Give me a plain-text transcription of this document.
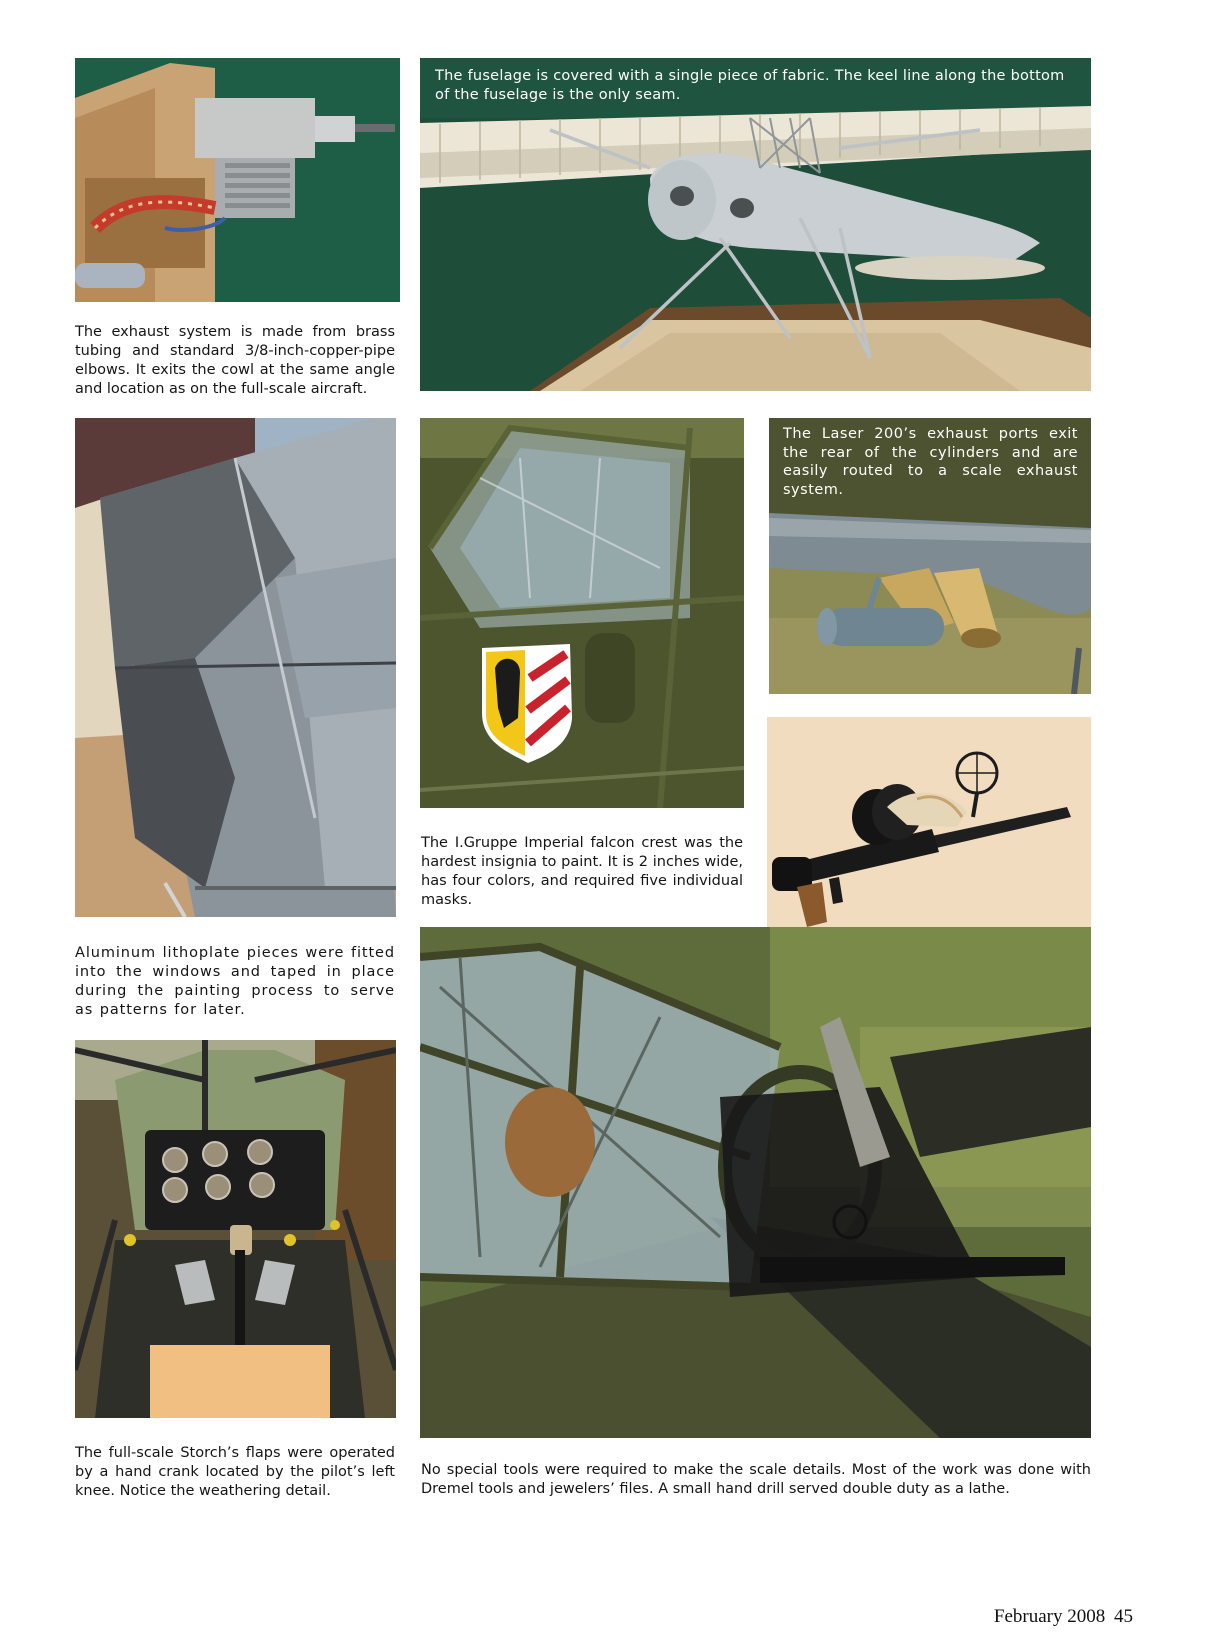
The exhaust system is made from brass tubing and standard 3/8-inch-copper-pipe elbows. It exits the cowl at the same angle and location as on the full-scale aircraft.

The fuselage is covered with a single piece of fabric. The keel line along the bottom of the fuselage is the only seam.

Aluminum lithoplate pieces were fitted into the windows and taped in place during the painting process to serve as patterns for later.

The I.Gruppe Imperial falcon crest was the hardest insignia to paint. It is 2 inches wide, has four colors, and required five individual masks.

The Laser 200’s exhaust ports exit the rear of the cylinders and are easily routed to a scale exhaust system.

The full-scale Storch’s flaps were operated by a hand crank located by the pilot’s left knee. Notice the weathering detail.

No special tools were required to make the scale details. Most of the work was done with Dremel tools and jewelers’ files. A small hand drill served double duty as a lathe.

February 2008 45
